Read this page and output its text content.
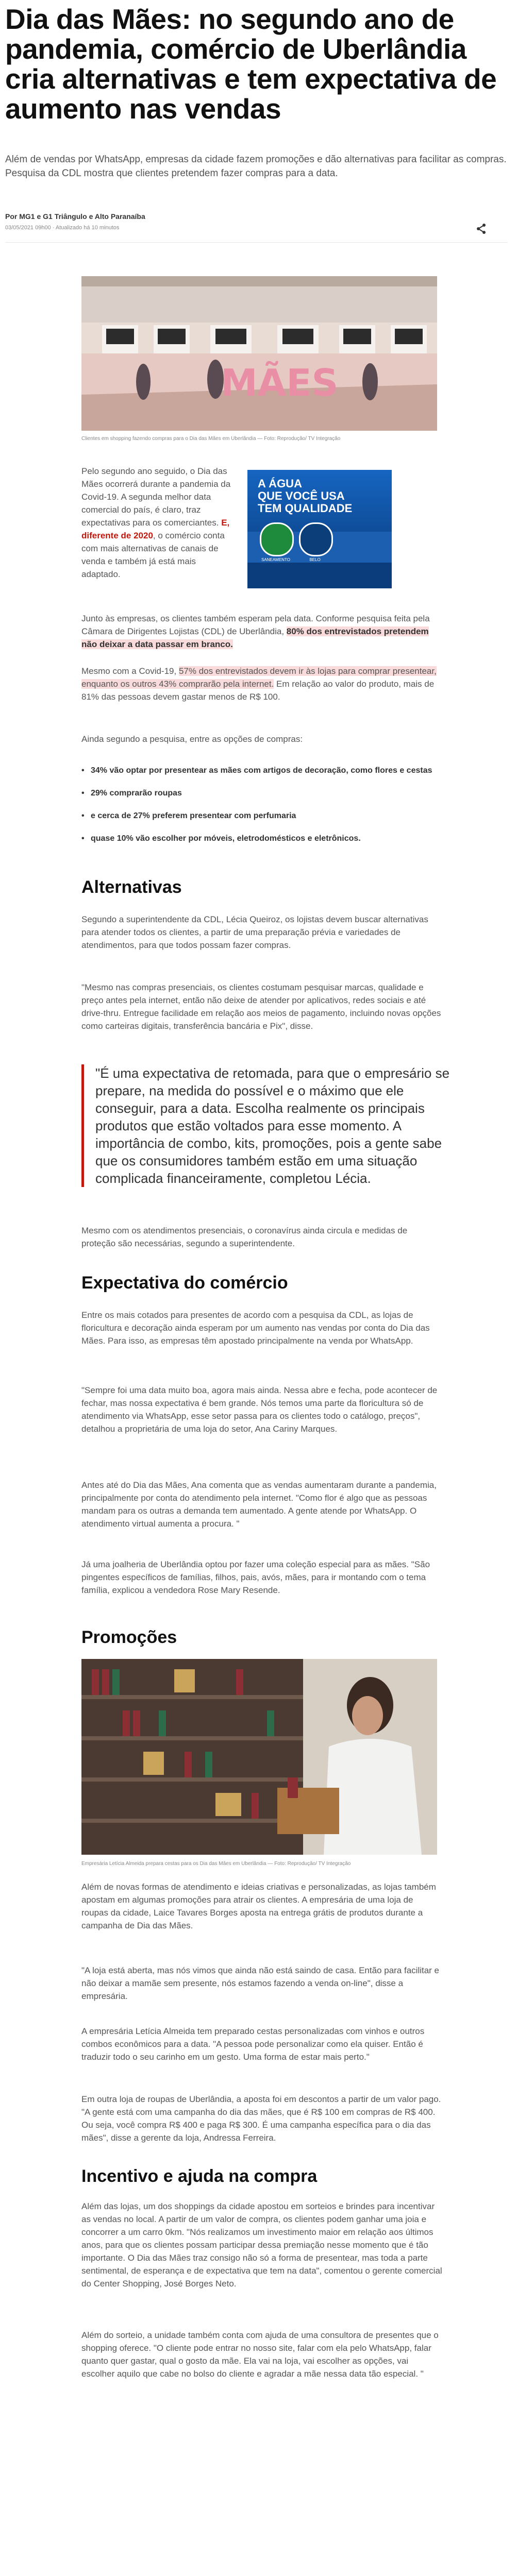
Dia das Mães: no segundo ano de pandemia, comércio de Uberlândia cria alternativas e tem expectativa de aumento nas vendas

Além de vendas por WhatsApp, empresas da cidade fazem promoções e dão alternativas para facilitar as compras. Pesquisa da CDL mostra que clientes pretendem fazer compras para a data.

Por MG1 e G1 Triângulo e Alto Paranaíba
03/05/2021 09h00 · Atualizado há 10 minutos
MÃES
Clientes em shopping fazendo compras para o Dia das Mães em Uberlândia — Foto: Reprodução/ TV Integração
A ÁGUA
QUE VOCÊ USA
TEM QUALIDADE
SANEAMENTO	BELO

Pelo segundo ano seguido, o Dia das Mães ocorrerá durante a pandemia da Covid-19. A segunda melhor data comercial do país, é claro, traz expectativas para os comerciantes. E, diferente de 2020, o comércio conta com mais alternativas de canais de venda e também já está mais adaptado.

Junto às empresas, os clientes também esperam pela data. Conforme pesquisa feita pela Câmara de Dirigentes Lojistas (CDL) de Uberlândia, 80% dos entrevistados pretendem não deixar a data passar em branco.

Mesmo com a Covid-19, 57% dos entrevistados devem ir às lojas para comprar presentear, enquanto os outros 43% comprarão pela internet. Em relação ao valor do produto, mais de 81% das pessoas devem gastar menos de R$ 100.

Ainda segundo a pesquisa, entre as opções de compras:

• 34% vão optar por presentear as mães com artigos de decoração, como flores e cestas
• 29% comprarão roupas
• e cerca de 27% preferem presentear com perfumaria
• quase 10% vão escolher por móveis, eletrodomésticos e eletrônicos.
Alternativas

Segundo a superintendente da CDL, Lécia Queiroz, os lojistas devem buscar alternativas para atender todos os clientes, a partir de uma preparação prévia e variedades de atendimentos, para que todos possam fazer compras.

"Mesmo nas compras presenciais, os clientes costumam pesquisar marcas, qualidade e preço antes pela internet, então não deixe de atender por aplicativos, redes sociais e até drive-thru. Entregue facilidade em relação aos meios de pagamento, incluindo novas opções como carteiras digitais, transferência bancária e Pix", disse.

"É uma expectativa de retomada, para que o empresário se prepare, na medida do possível e o máximo que ele conseguir, para a data. Escolha realmente os principais produtos que estão voltados para esse momento. A importância de combo, kits, promoções, pois a gente sabe que os consumidores também estão em uma situação complicada financeiramente, completou Lécia.

Mesmo com os atendimentos presenciais, o coronavírus ainda circula e medidas de proteção são necessárias, segundo a superintendente.

Expectativa do comércio

Entre os mais cotados para presentes de acordo com a pesquisa da CDL, as lojas de floricultura e decoração ainda esperam por um aumento nas vendas por conta do Dia das Mães. Para isso, as empresas têm apostado principalmente na venda por WhatsApp.

"Sempre foi uma data muito boa, agora mais ainda. Nessa abre e fecha, pode acontecer de fechar, mas nossa expectativa é bem grande. Nós temos uma parte da floricultura só de atendimento via WhatsApp, esse setor passa para os clientes todo o catálogo, preços", detalhou a proprietária de uma loja do setor, Ana Cariny Marques.

Antes até do Dia das Mães, Ana comenta que as vendas aumentaram durante a pandemia, principalmente por conta do atendimento pela internet. "Como flor é algo que as pessoas mandam para os outras a demanda tem aumentado. A gente atende por WhatsApp. O atendimento virtual aumenta a procura. "

Já uma joalheria de Uberlândia optou por fazer uma coleção especial para as mães. "São pingentes específicos de famílias, filhos, pais, avós, mães, para ir montando com o tema família, explicou a vendedora Rose Mary Resende.

Promoções
Empresária Letícia Almeida prepara cestas para os Dia das Mães em Uberlândia — Foto: Reprodução/ TV Integração

Além de novas formas de atendimento e ideias criativas e personalizadas, as lojas também apostam em algumas promoções para atrair os clientes. A empresária de uma loja de roupas da cidade, Laice Tavares Borges aposta na entrega grátis de produtos durante a campanha de Dia das Mães.

"A loja está aberta, mas nós vimos que ainda não está saindo de casa. Então para facilitar e não deixar a mamãe sem presente, nós estamos fazendo a venda on-line", disse a empresária.

A empresária Letícia Almeida tem preparado cestas personalizadas com vinhos e outros combos econômicos para a data. "A pessoa pode personalizar como ela quiser. Então é traduzir todo o seu carinho em um gesto. Uma forma de estar mais perto."

Em outra loja de roupas de Uberlândia, a aposta foi em descontos a partir de um valor pago. "A gente está com uma campanha do dia das mães, que é R$ 100 em compras de R$ 400. Ou seja, você compra R$ 400 e paga R$ 300. É uma campanha específica para o dia das mães", disse a gerente da loja, Andressa Ferreira.

Incentivo e ajuda na compra

Além das lojas, um dos shoppings da cidade apostou em sorteios e brindes para incentivar as vendas no local. A partir de um valor de compra, os clientes podem ganhar uma joia e concorrer a um carro 0km. "Nós realizamos um investimento maior em relação aos últimos anos, para que os clientes possam participar dessa premiação nesse momento que é tão importante. O Dia das Mães traz consigo não só a forma de presentear, mas toda a parte sentimental, de esperança e de expectativa que tem na data", comentou o gerente comercial do Center Shopping, José Borges Neto.

Além do sorteio, a unidade também conta com ajuda de uma consultora de presentes que o shopping oferece. "O cliente pode entrar no nosso site, falar com ela pelo WhatsApp, falar quanto quer gastar, qual o gosto da mãe. Ela vai na loja, vai escolher as opções, vai escolher aquilo que cabe no bolso do cliente e agradar a mãe nessa data tão especial. "
